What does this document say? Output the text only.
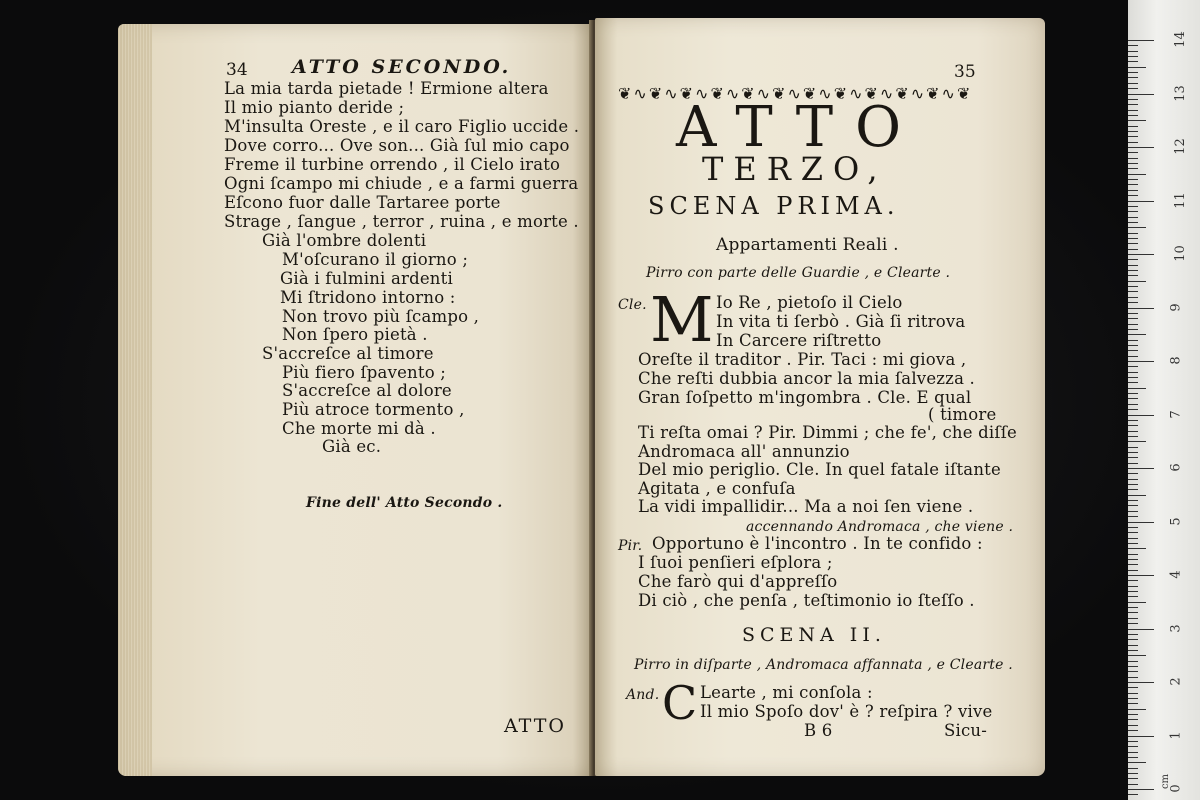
34 ATTO SECONDO.
La mia tarda pietade ! Ermione altera
Il mio pianto deride ;
M'insulta Oreste , e il caro Figlio uccide .
Dove corro... Ove son... Già ſul mio capo
Freme il turbine orrendo , il Cielo irato
Ogni ſcampo mi chiude , e a farmi guerra
Eſcono fuor dalle Tartaree porte
Strage , ſangue , terror , ruina , e morte .
Già l'ombre dolenti
M'oſcurano il giorno ;
Già i fulmini ardenti
Mi ſtridono intorno :
Non trovo più ſcampo ,
Non ſpero pietà .
S'accreſce al timore
Più fiero ſpavento ;
S'accreſce al dolore
Più atroce tormento ,
Che morte mi dà .
Già ec.
Fine dell' Atto Secondo .
ATTO
35
❦∿❦∿❦∿❦∿❦∿❦∿❦∿❦∿❦∿❦∿❦∿❦
ATTO
TERZO,
SCENA PRIMA.
Appartamenti Reali .
Pirro con parte delle Guardie , e Clearte .
Cle. M Io Re , pietoſo il Cielo
In vita ti ſerbò . Già ſi ritrova
In Carcere riſtretto
Oreſte il traditor . Pir. Taci : mi giova ,
Che reſti dubbia ancor la mia ſalvezza .
Gran ſoſpetto m'ingombra . Cle. E qual
( timore
Ti reſta omai ? Pir. Dimmi ; che fe', che diſſe
Andromaca all' annunzio
Del mio periglio. Cle. In quel fatale iſtante
Agitata , e confuſa
La vidi impallidir... Ma a noi ſen viene .
accennando Andromaca , che viene .
Pir. Opportuno è l'incontro . In te confido :
I ſuoi penſieri eſplora ;
Che farò qui d'appreſſo
Di ciò , che penſa , teſtimonio io ſteſſo .
SCENA II.
Pirro in diſparte , Andromaca affannata , e Clearte .
And. C Learte , mi conſola :
Il mio Spoſo dov' è ? reſpira ? vive
B 6	Sicu-
14
13
12
11
10
9
8
7
6
5
4
3
2
1
0
cm
